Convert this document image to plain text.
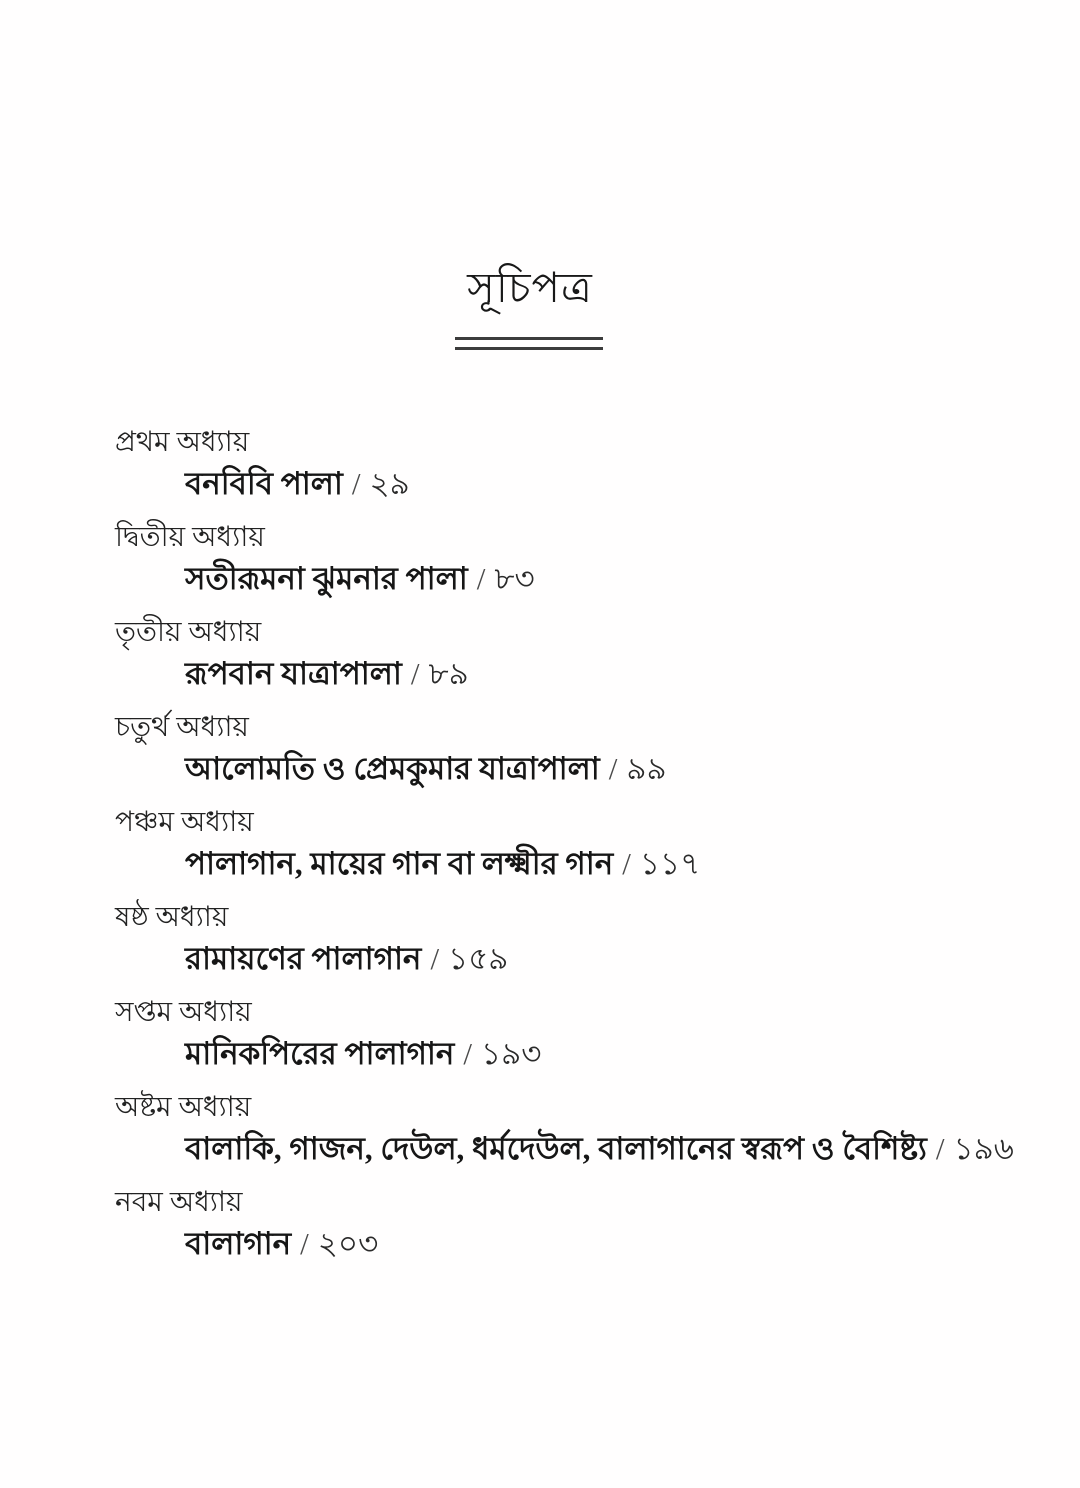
সূচিপত্র
প্রথম অধ্যায়
বনবিবি পালা / ২৯
দ্বিতীয় অধ্যায়
সতীরূমনা ঝুমনার পালা / ৮৩
তৃতীয় অধ্যায়
রূপবান যাত্রাপালা / ৮৯
চতুর্থ অধ্যায়
আলোমতি ও প্রেমকুমার যাত্রাপালা / ৯৯
পঞ্চম অধ্যায়
পালাগান, মায়ের গান বা লক্ষ্মীর গান / ১১৭
ষষ্ঠ অধ্যায়
রামায়ণের পালাগান / ১৫৯
সপ্তম অধ্যায়
মানিকপিরের পালাগান / ১৯৩
অষ্টম অধ্যায়
বালাকি, গাজন, দেউল, ধর্মদেউল, বালাগানের স্বরূপ ও বৈশিষ্ট্য / ১৯৬
নবম অধ্যায়
বালাগান / ২০৩
